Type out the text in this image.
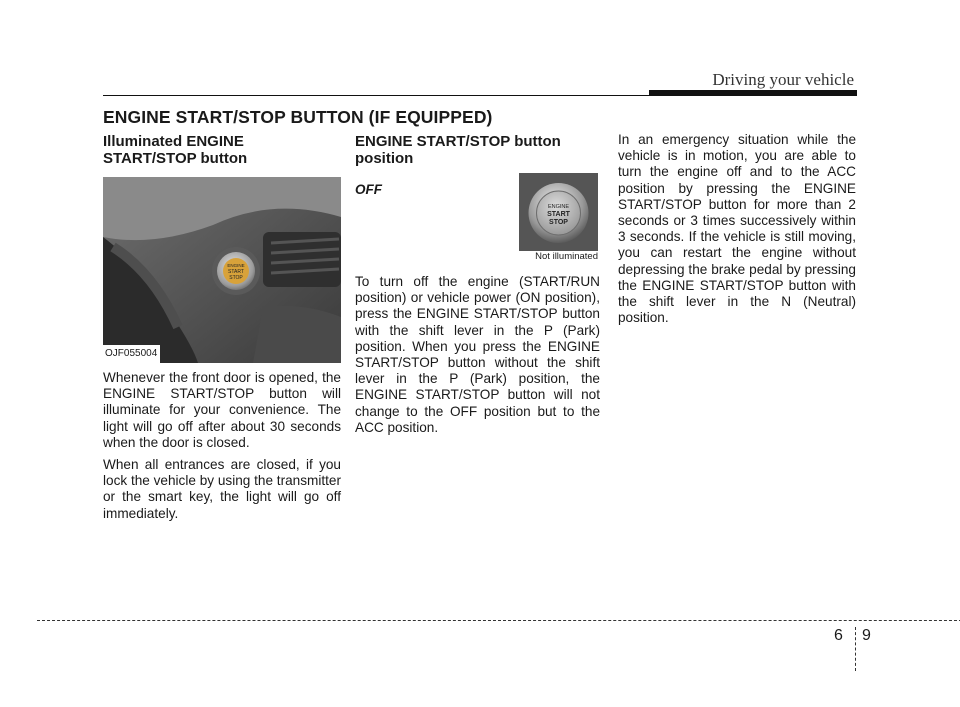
Driving your vehicle
ENGINE START/STOP BUTTON (IF EQUIPPED)
Illuminated ENGINE START/STOP button
ENGINE
START
STOP
OJF055004

Whenever the front door is opened, the ENGINE START/STOP button will illuminate for your convenience. The light will go off after about 30 seconds when the door is closed.

When all entrances are closed, if you lock the vehicle by using the transmitter or the smart key, the light will go off immediately.

ENGINE START/STOP button position
OFF
ENGINE
START
STOP
Not illuminated

To turn off the engine (START/RUN position) or vehicle power (ON position), press the ENGINE START/STOP button with the shift lever in the P (Park) position. When you press the ENGINE START/STOP button without the shift lever in the P (Park) position, the ENGINE START/STOP button will not change to the OFF position but to the ACC position.

In an emergency situation while the vehicle is in motion, you are able to turn the engine off and to the ACC position by pressing the ENGINE START/STOP button for more than 2 seconds or 3 times successively within 3 seconds. If the vehicle is still moving, you can restart the engine without depressing the brake pedal by pressing the ENGINE START/STOP button with the shift lever in the N (Neutral) position.

6 9
